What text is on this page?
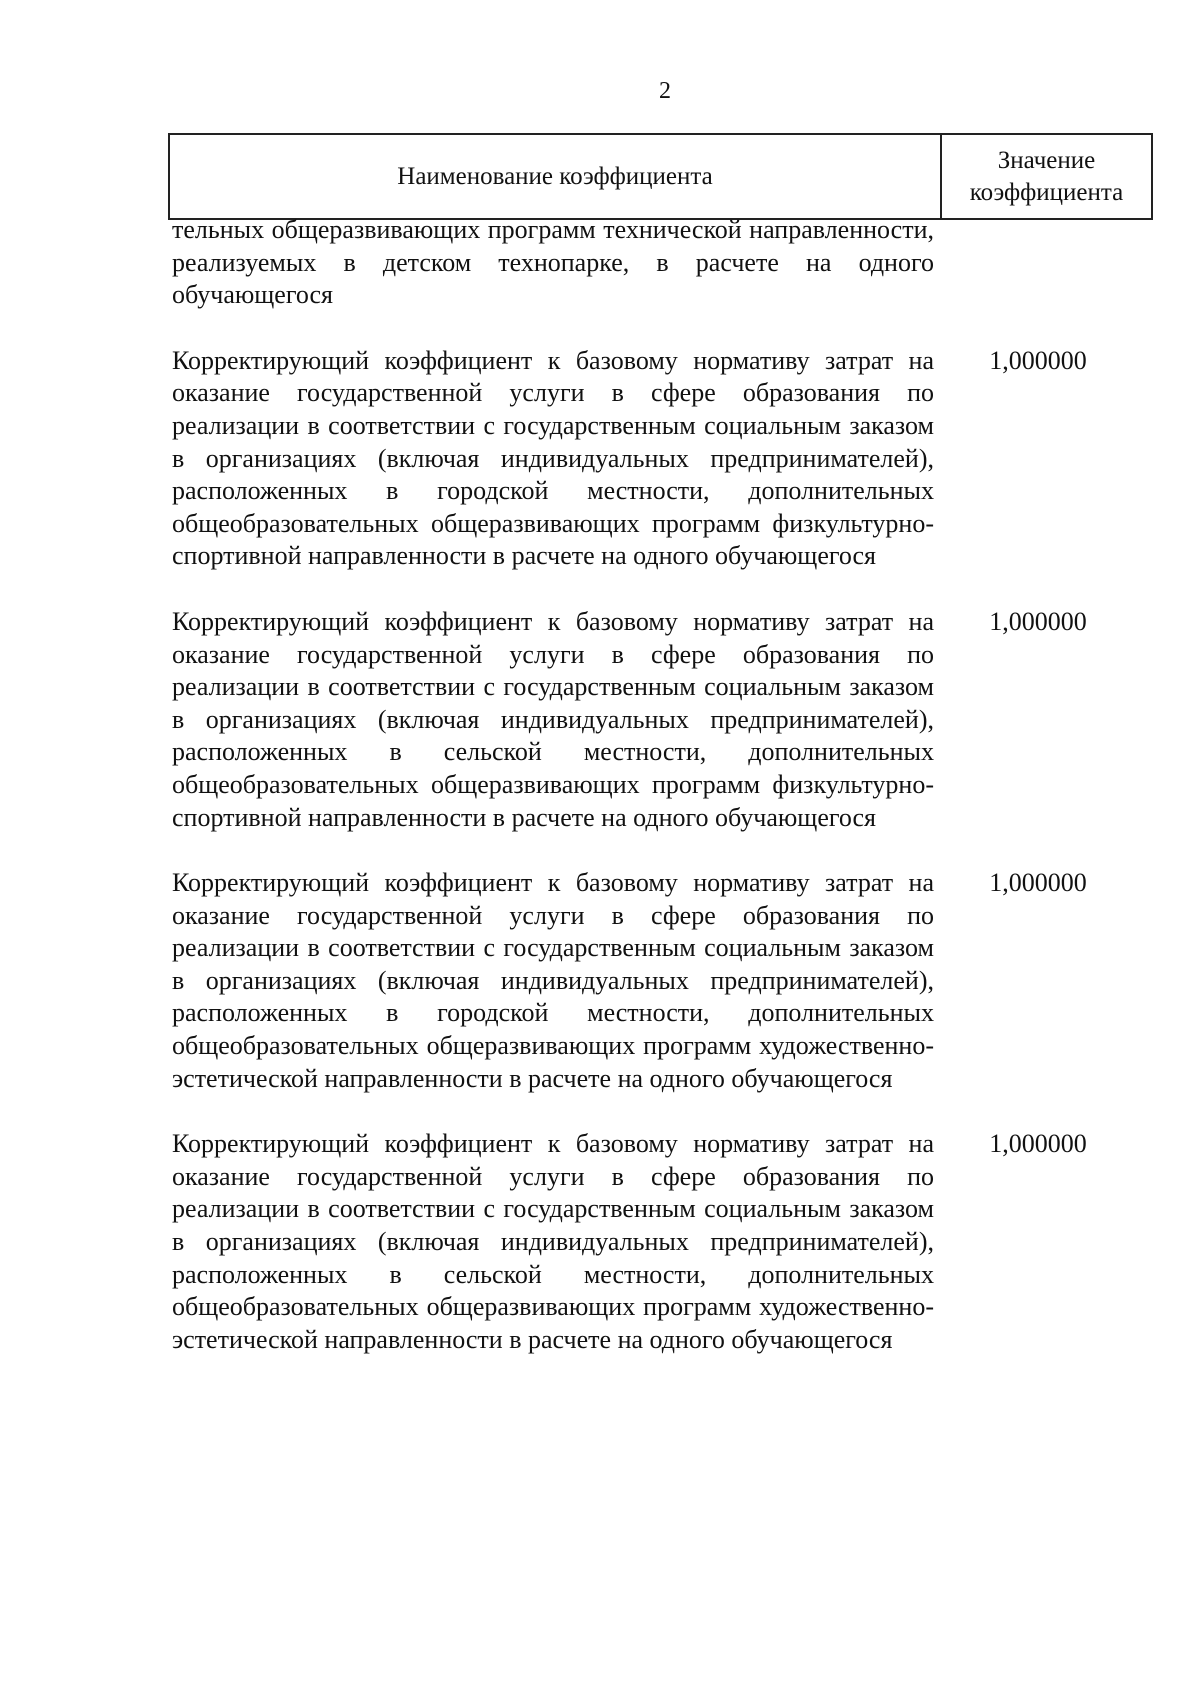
2
Наименование коэффициента
Значение
коэффициента
тельных общеразвивающих программ технической направленности, реализуемых в детском технопарке, в расчете на одного обучающегося
Корректирующий коэффициент к базовому нормативу затрат на оказание государственной услуги в сфере образования по реализации в соответствии с государственным социальным заказом в организациях (включая индивидуальных предпринимателей), расположенных в городской местности, дополнительных общеобразовательных общеразвивающих программ физкультурно-спортивной направленности в расчете на одного обучающегося
1,000000
Корректирующий коэффициент к базовому нормативу затрат на оказание государственной услуги в сфере образования по реализации в соответствии с государственным социальным заказом в организациях (включая индивидуальных предпринимателей), расположенных в сельской местности, дополнительных общеобразовательных общеразвивающих программ физкультурно-спортивной направленности в расчете на одного обучающегося
1,000000
Корректирующий коэффициент к базовому нормативу затрат на оказание государственной услуги в сфере образования по реализации в соответствии с государственным социальным заказом в организациях (включая индивидуальных предпринимателей), расположенных в городской местности, дополнительных общеобразовательных общеразвивающих программ художественно-эстетической направленности в расчете на одного обучающегося
1,000000
Корректирующий коэффициент к базовому нормативу затрат на оказание государственной услуги в сфере образования по реализации в соответствии с государственным социальным заказом в организациях (включая индивидуальных предпринимателей), расположенных в сельской местности, дополнительных общеобразовательных общеразвивающих программ художественно-эстетической направленности в расчете на одного обучающегося
1,000000
